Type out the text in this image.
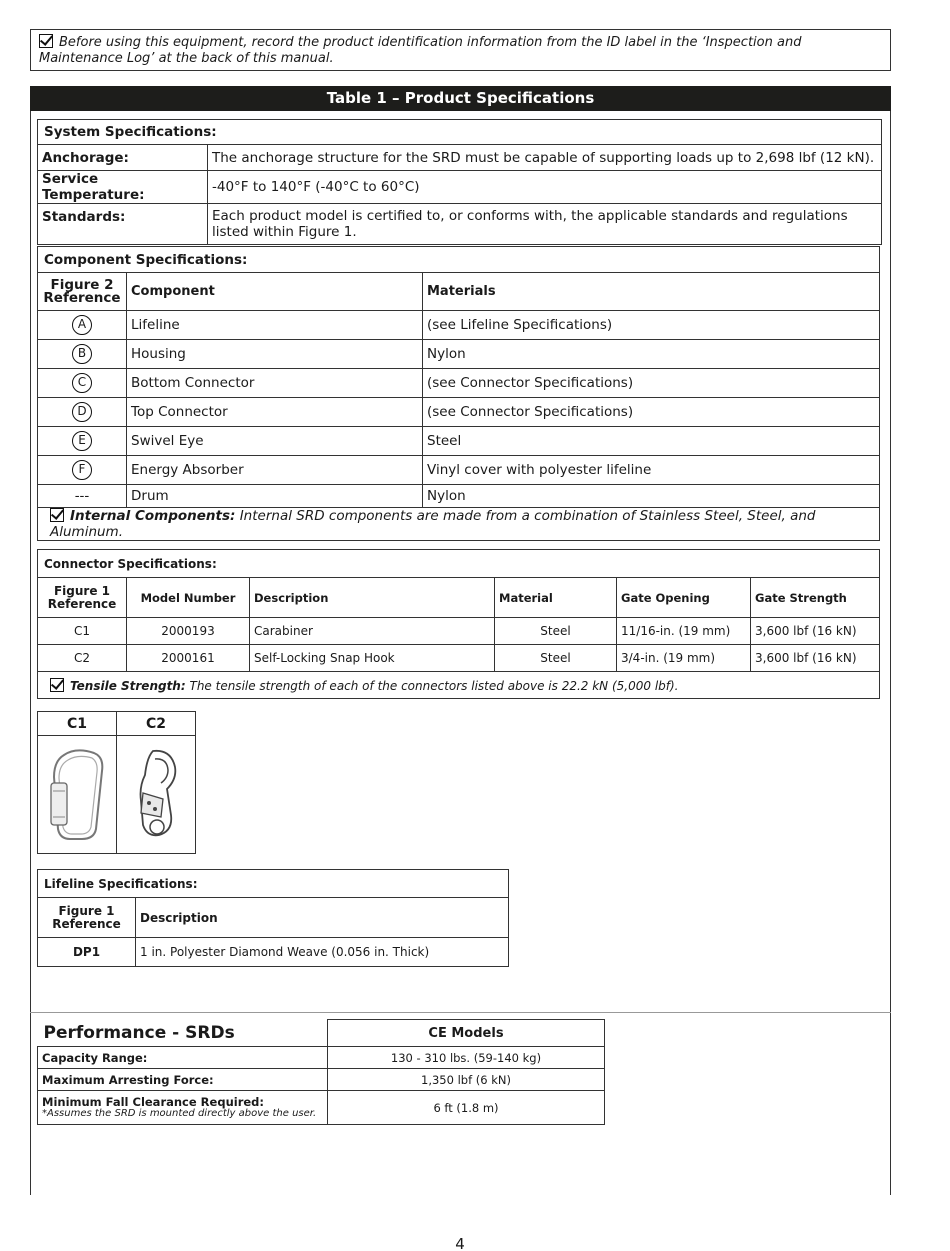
Before using this equipment, record the product identification information from the ID label in the ‘Inspection and Maintenance Log’ at the back of this manual.
Table 1 – Product Specifications
System Specifications:	
Anchorage:	The anchorage structure for the SRD must be capable of supporting loads up to 2,698 lbf (12 kN).
Service Temperature:	-40°F to 140°F (-40°C to 60°C)
Standards:	Each product model is certified to, or conforms with, the applicable standards and regulations listed within Figure 1.
Component Specifications:		
Figure 2 Reference	Component	Materials
A	Lifeline	(see Lifeline Specifications)
B	Housing	Nylon
C	Bottom Connector	(see Connector Specifications)
D	Top Connector	(see Connector Specifications)
E	Swivel Eye	Steel
F	Energy Absorber	Vinyl cover with polyester lifeline
---	Drum	Nylon
Internal Components: Internal SRD components are made from a combination of Stainless Steel, Steel, and Aluminum.		
Connector Specifications:					
Figure 1 Reference	Model Number	Description	Material	Gate Opening	Gate Strength
C1	2000193	Carabiner	Steel	11/16-in. (19 mm)	3,600 lbf (16 kN)
C2	2000161	Self-Locking Snap Hook	Steel	3/4-in. (19 mm)	3,600 lbf (16 kN)
Tensile Strength: The tensile strength of each of the connectors listed above is 22.2 kN (5,000 lbf).					
C1	C2

Lifeline Specifications:	
Figure 1 Reference	Description
DP1	1 in. Polyester Diamond Weave (0.056 in. Thick)
Performance - SRDs	CE Models
Capacity Range:	130 - 310 lbs. (59-140 kg)
Maximum Arresting Force:	1,350 lbf (6 kN)

Minimum Fall Clearance Required:
*Assumes the SRD is mounted directly above the user.	6 ft (1.8 m)
4
